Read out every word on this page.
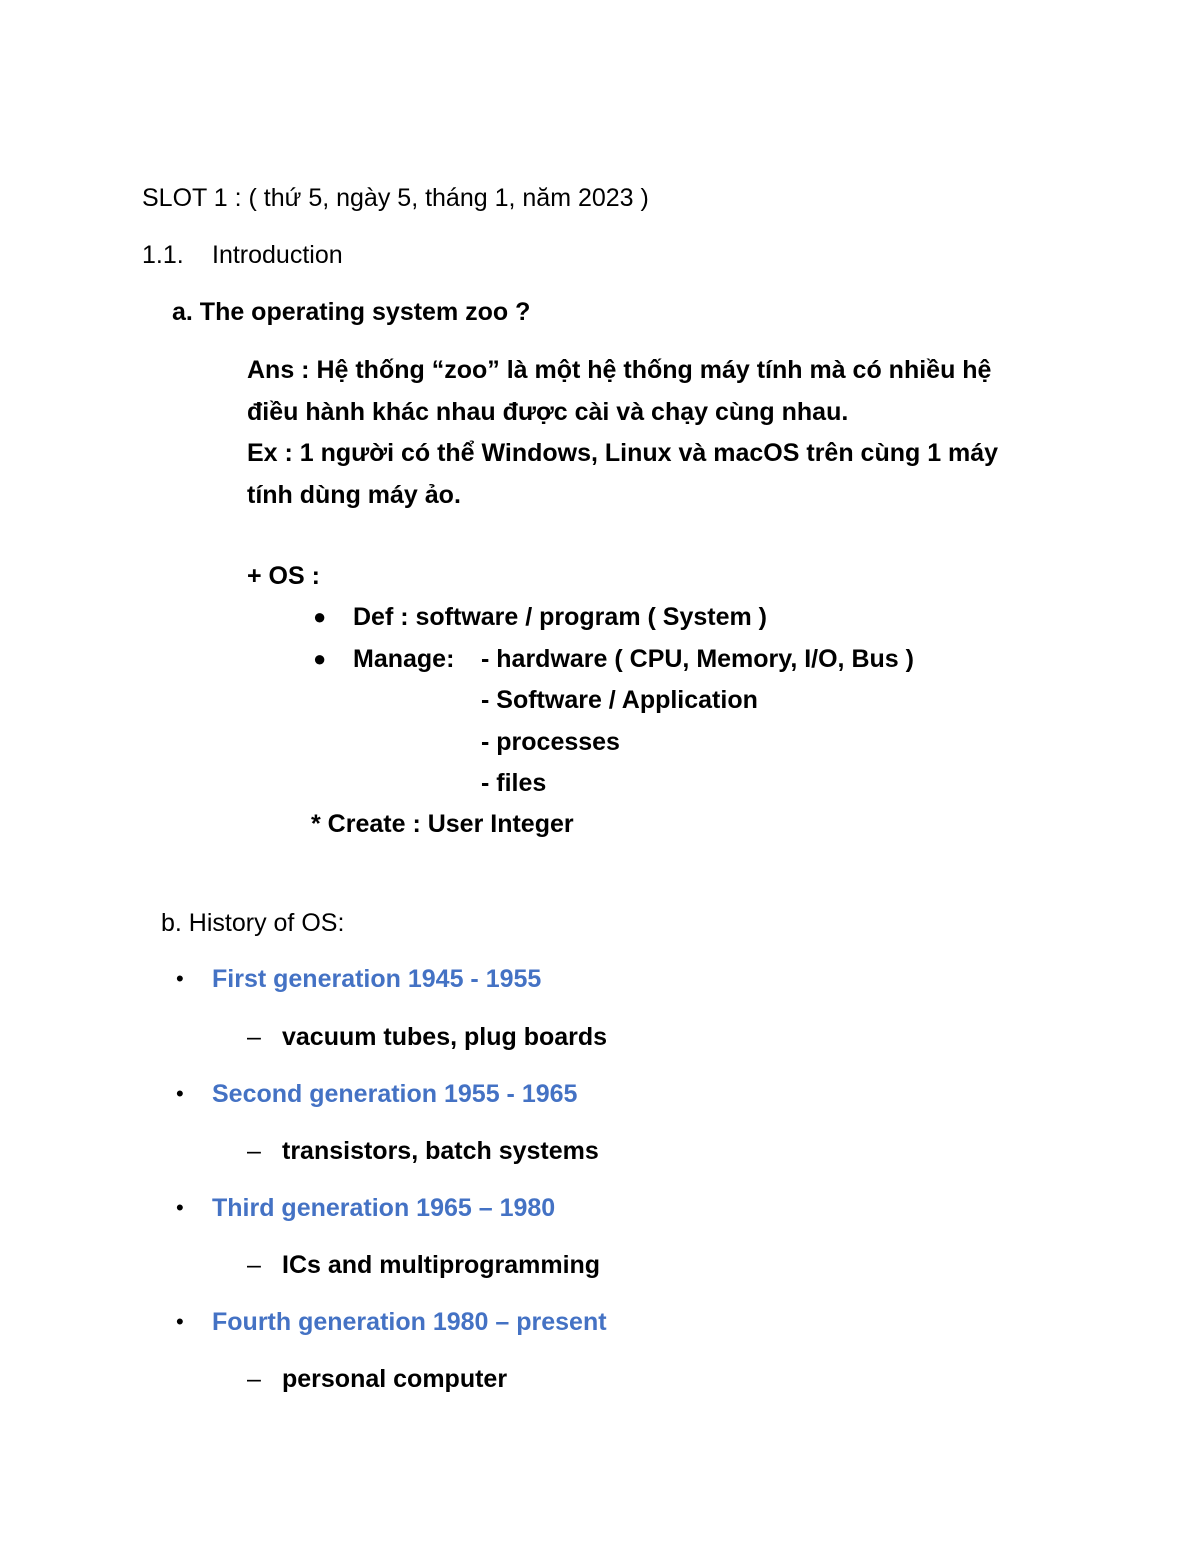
SLOT 1 : ( thứ 5, ngày 5, tháng 1, năm 2023 )
1.1. Introduction
a. The operating system zoo ?
Ans : Hệ thống “zoo” là một hệ thống máy tính mà có nhiều hệ
điều hành khác nhau được cài và chạy cùng nhau.
Ex : 1 người có thể Windows, Linux và macOS trên cùng 1 máy
tính dùng máy ảo.
+ OS :
● Def : software / program ( System )
● Manage: - hardware ( CPU, Memory, I/O, Bus )
- Software / Application
- processes
- files
* Create : User Integer
b. History of OS:
• First generation 1945 - 1955
– vacuum tubes, plug boards
• Second generation 1955 - 1965
– transistors, batch systems
• Third generation 1965 – 1980
– ICs and multiprogramming
• Fourth generation 1980 – present
– personal computer
